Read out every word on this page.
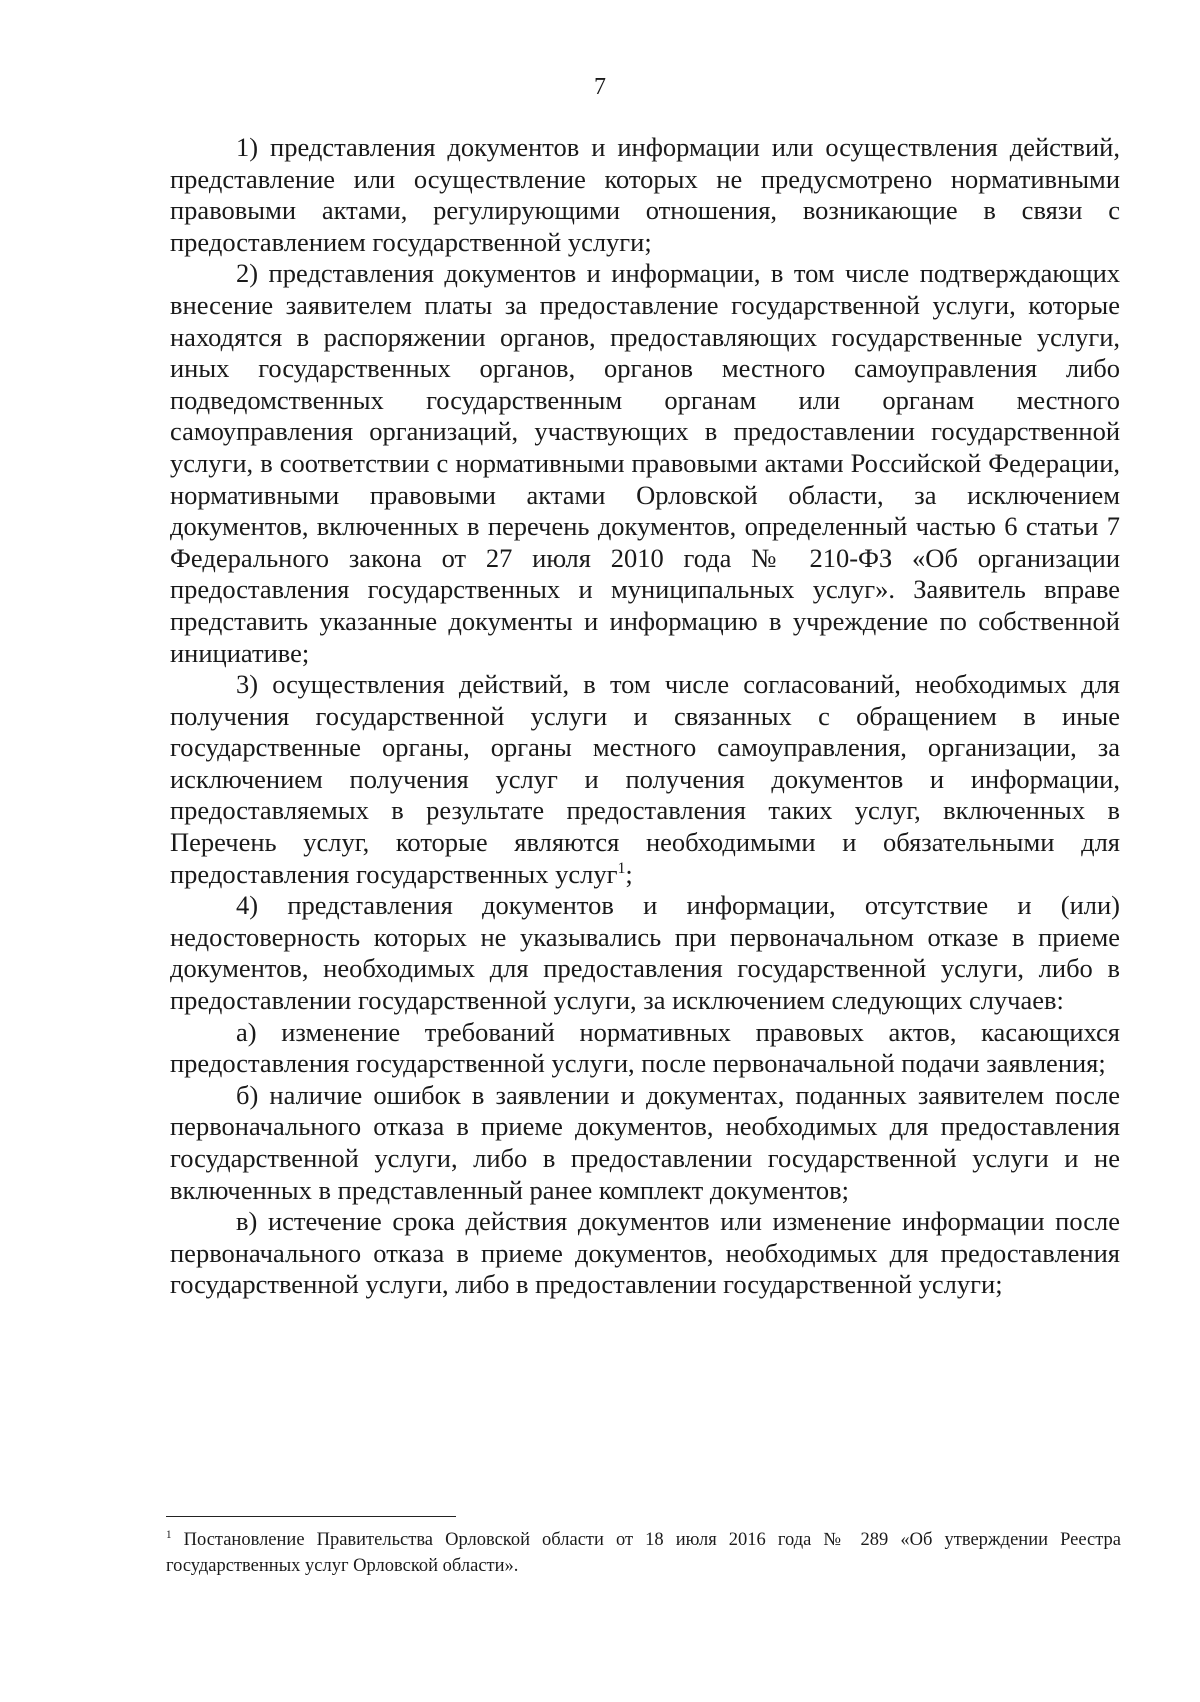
7

1) представления документов и информации или осуществления действий, представление или осуществление которых не предусмотрено нормативными правовыми актами, регулирующими отношения, возникающие в связи с предоставлением государственной услуги;

2) представления документов и информации, в том числе подтверждающих внесение заявителем платы за предоставление государственной услуги, которые находятся в распоряжении органов, предоставляющих государственные услуги, иных государственных органов, органов местного самоуправления либо подведомственных государственным органам или органам местного самоуправления организаций, участвующих в предоставлении государственной услуги, в соответствии с нормативными правовыми актами Российской Федерации, нормативными правовыми актами Орловской области, за исключением документов, включенных в перечень документов, определенный частью 6 статьи 7 Федерального закона от 27 июля 2010 года № 210-ФЗ «Об организации предоставления государственных и муниципальных услуг». Заявитель вправе представить указанные документы и информацию в учреждение по собственной инициативе;

3) осуществления действий, в том числе согласований, необходимых для получения государственной услуги и связанных с обращением в иные государственные органы, органы местного самоуправления, организации, за исключением получения услуг и получения документов и информации, предоставляемых в результате предоставления таких услуг, включенных в Перечень услуг, которые являются необходимыми и обязательными для предоставления государственных услуг$^1$;

4) представления документов и информации, отсутствие и (или) недостоверность которых не указывались при первоначальном отказе в приеме документов, необходимых для предоставления государственной услуги, либо в предоставлении государственной услуги, за исключением следующих случаев:

а) изменение требований нормативных правовых актов, касающихся предоставления государственной услуги, после первоначальной подачи заявления;

б) наличие ошибок в заявлении и документах, поданных заявителем после первоначального отказа в приеме документов, необходимых для предоставления государственной услуги, либо в предоставлении государственной услуги и не включенных в представленный ранее комплект документов;

в) истечение срока действия документов или изменение информации после первоначального отказа в приеме документов, необходимых для предоставления государственной услуги, либо в предоставлении государственной услуги;

$^1$ Постановление Правительства Орловской области от 18 июля 2016 года № 289 «Об утверждении Реестра государственных услуг Орловской области».
